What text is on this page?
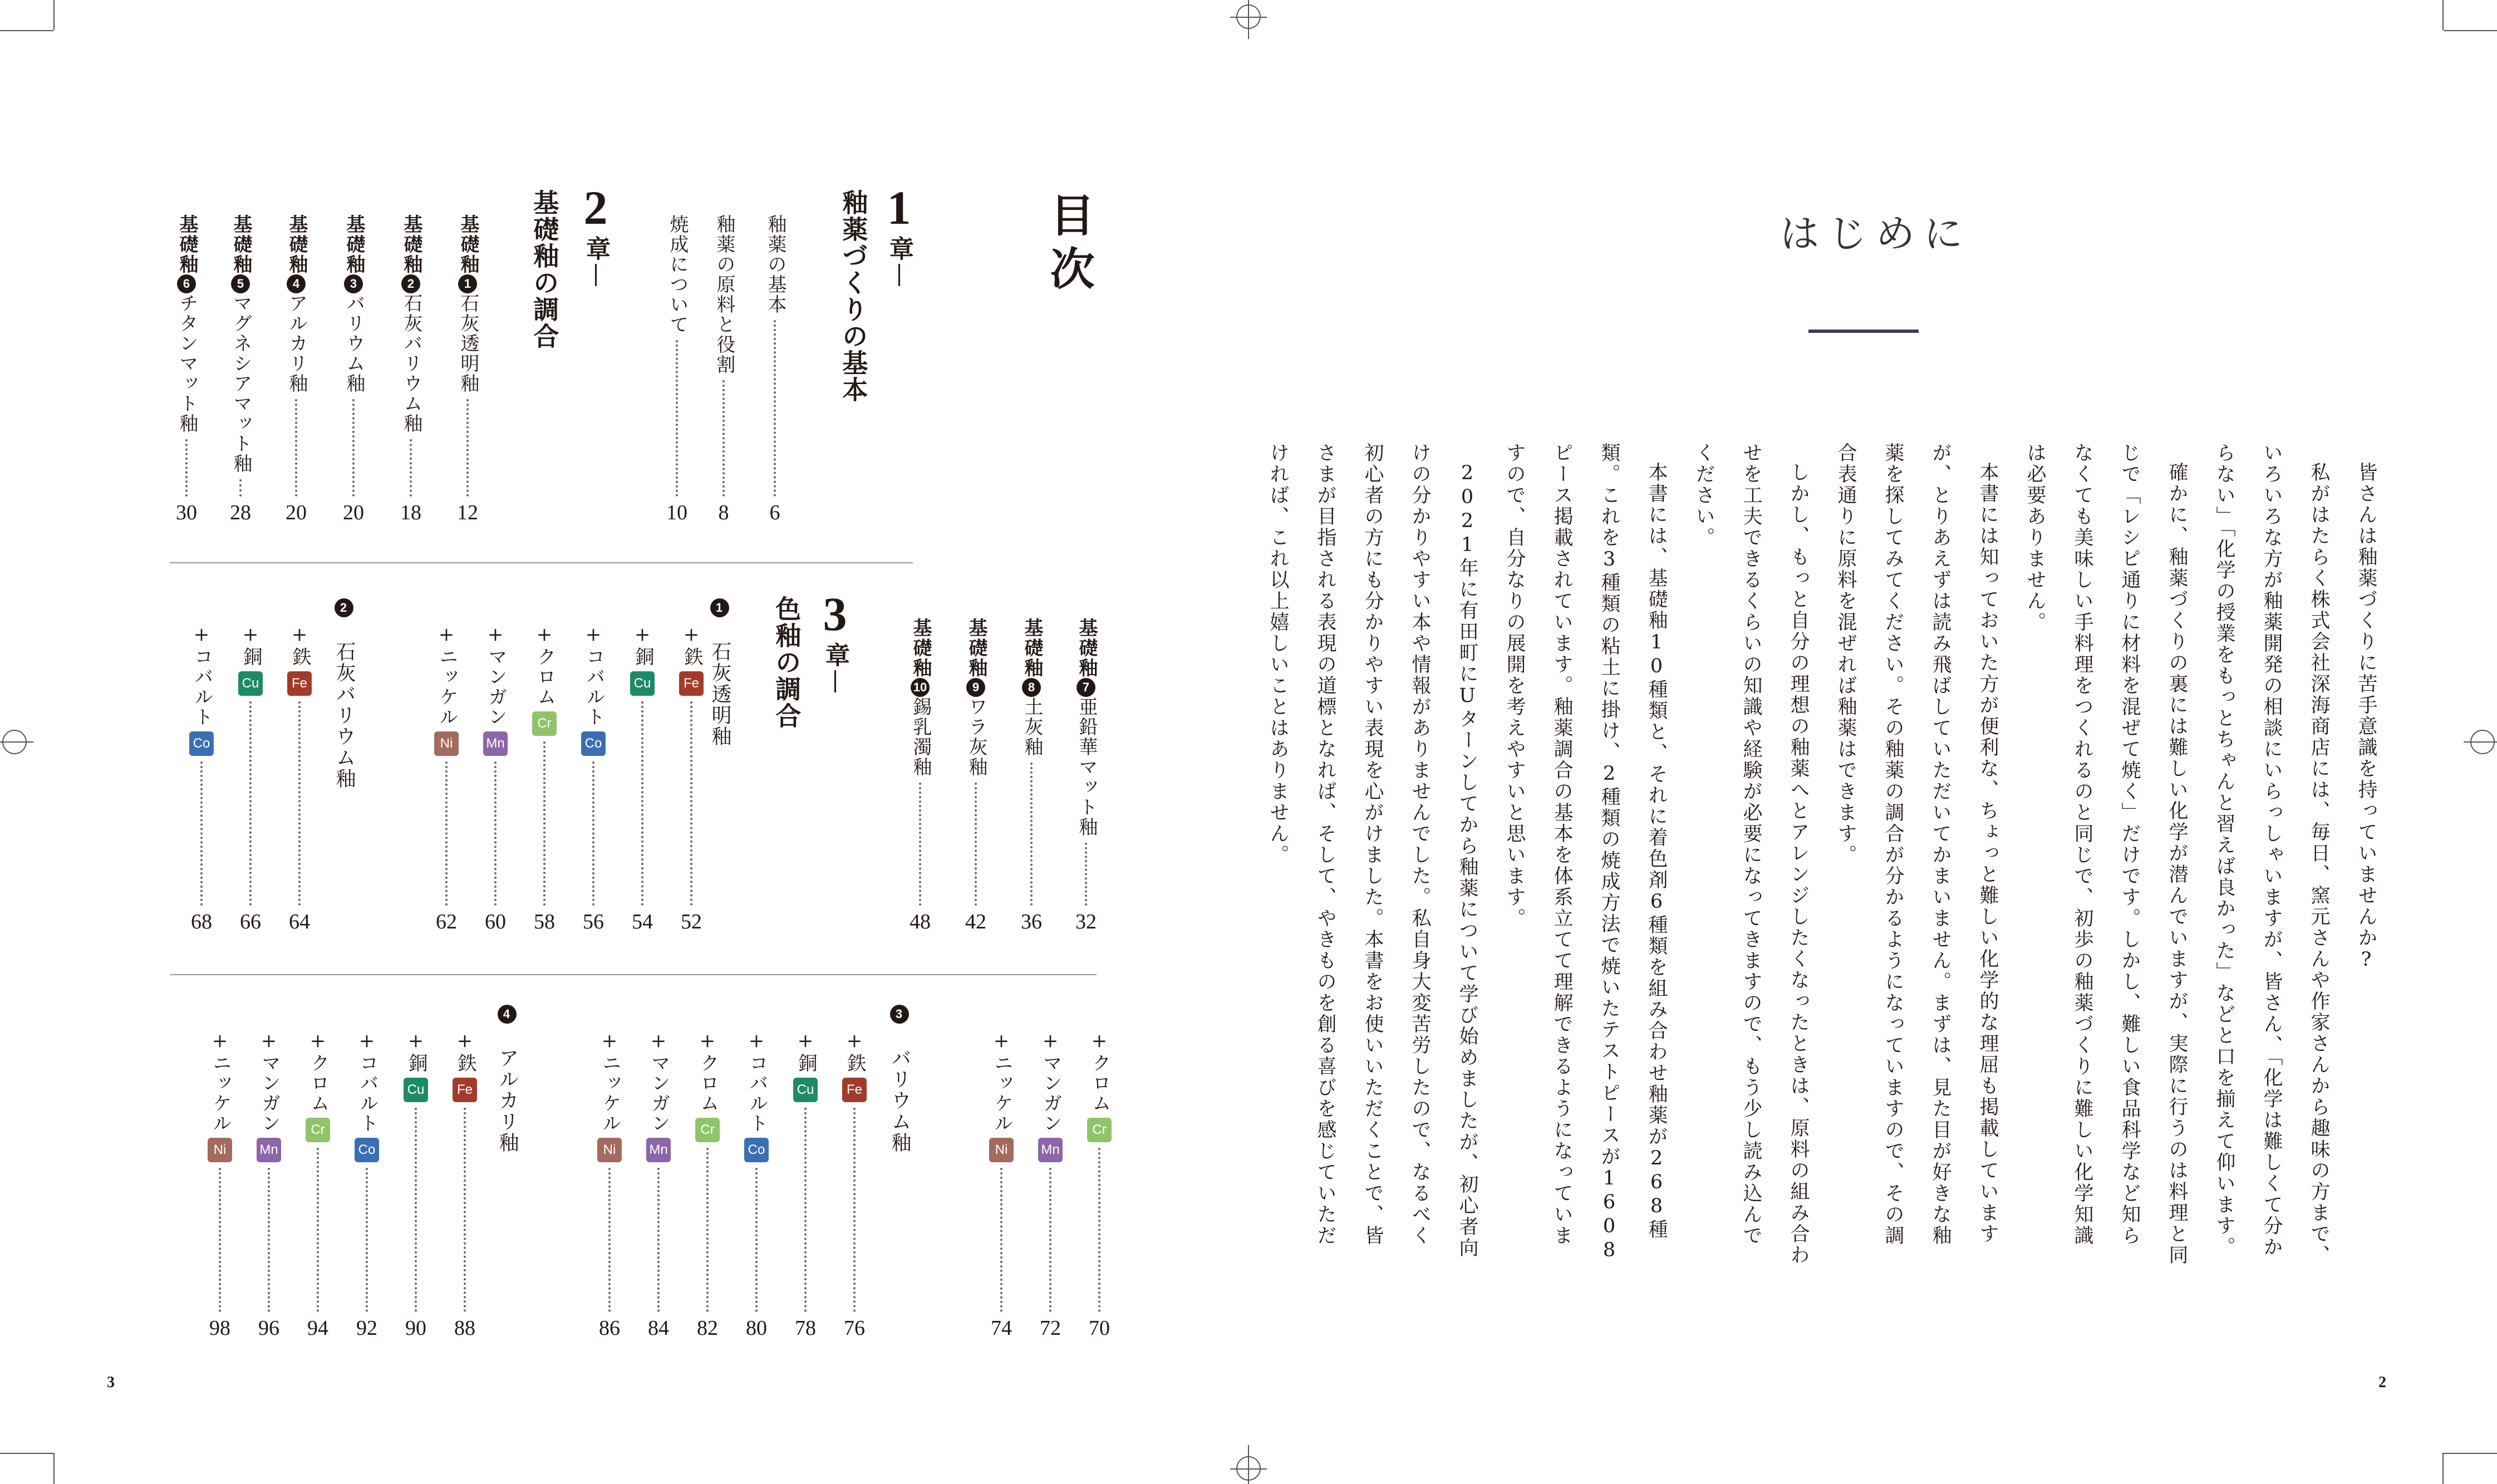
目次
1
章
釉薬づくりの基本
釉薬の基本
6
釉薬の原料と役割
8
焼成について
10
2
章
基礎釉の調合
基礎釉
1
石灰透明釉
12
基礎釉
2
石灰バリウム釉
18
基礎釉
3
バリウム釉
20
基礎釉
4
アルカリ釉
20
基礎釉
5
マグネシアマット釉
28
基礎釉
6
チタンマット釉
30
基礎釉
7
亜鉛華マット釉
32
基礎釉
8
土灰釉
36
基礎釉
9
ワラ灰釉
42
基礎釉
10
錫乳濁釉
48
3
章
色釉の調合
1 石灰透明釉
+
鉄
Fe
52
+
銅
Cu
54
+
コバルト
Co
56
+
クロム
Cr
58
+
マンガン
Mn
60
+
ニッケル
Ni
62
2 石灰バリウム釉
+
鉄
Fe
64
+
銅
Cu
66
+
コバルト
Co
68
3 バリウム釉
+
クロム
Cr
70
+
マンガン
Mn
72
+
ニッケル
Ni
74
+
鉄
Fe
76
+
銅
Cu
78
+
コバルト
Co
80
+
クロム
Cr
82
+
マンガン
Mn
84
+
ニッケル
Ni
86
4 アルカリ釉
+
鉄
Fe
88
+
銅
Cu
90
+
コバルト
Co
92
+
クロム
Cr
94
+
マンガン
Mn
96
+
ニッケル
Ni
98
3
はじめに

皆さんは釉薬づくりに苦手意識を持っていませんか?

私がはたらく株式会社深海商店には、毎日、窯元さんや作家さんから趣味の方まで、いろいろな方が釉薬開発の相談にいらっしゃいますが、皆さん、「化学は難しくて分からない」「化学の授業をもっとちゃんと習えば良かった」などと口を揃えて仰います。

確かに、釉薬づくりの裏には難しい化学が潜んでいますが、実際に行うのは料理と同じで「レシピ通りに材料を混ぜて焼く」だけです。しかし、難しい食品科学など知らなくても美味しい手料理をつくれるのと同じで、初歩の釉薬づくりに難しい化学知識は必要ありません。

本書には知っておいた方が便利な、ちょっと難しい化学的な理屈も掲載していますが、とりあえずは読み飛ばしていただいてかまいません。まずは、見た目が好きな釉薬を探してみてください。その釉薬の調合が分かるようになっていますので、その調合表通りに原料を混ぜれば釉薬はできます。

しかし、もっと自分の理想の釉薬へとアレンジしたくなったときは、原料の組み合わせを工夫できるくらいの知識や経験が必要になってきますので、もう少し読み込んでください。

本書には、基礎釉10種類と、それに着色剤6種類を組み合わせ釉薬が268種類。これを3種類の粘土に掛け、2種類の焼成方法で焼いたテストピースが1608ピース掲載されています。釉薬調合の基本を体系立てて理解できるようになっていますので、自分なりの展開を考えやすいと思います。

2021年に有田町にUターンしてから釉薬について学び始めましたが、初心者向けの分かりやすい本や情報がありませんでした。私自身大変苦労したので、なるべく初心者の方にも分かりやすい表現を心がけました。本書をお使いいただくことで、皆さまが目指される表現の道標となれば、そして、やきものを創る喜びを感じていただければ、これ以上嬉しいことはありません。

2
